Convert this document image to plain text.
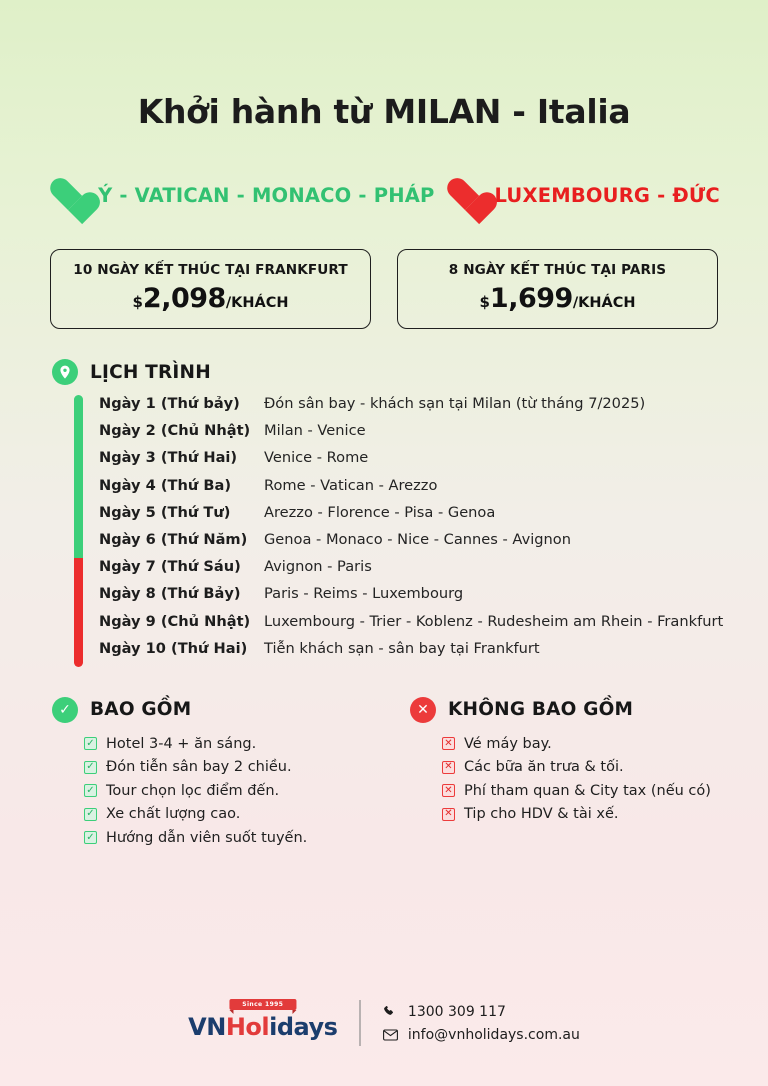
Khởi hành từ MILAN - Italia
Ý - VATICAN - MONACO - PHÁP	LUXEMBOURG - ĐỨC
10 NGÀY KẾT THÚC TẠI FRANKFURT
$ 2,098 /KHÁCH
8 NGÀY KẾT THÚC TẠI PARIS
$ 1,699 /KHÁCH
LỊCH TRÌNH
Ngày 1 (Thứ bảy)	Đón sân bay - khách sạn tại Milan (từ tháng 7/2025)
Ngày 2 (Chủ Nhật) Milan - Venice
Ngày 3 (Thứ Hai)	Venice - Rome
Ngày 4 (Thứ Ba)	Rome - Vatican - Arezzo
Ngày 5 (Thứ Tư)	Arezzo - Florence - Pisa - Genoa
Ngày 6 (Thứ Năm)	Genoa - Monaco - Nice - Cannes - Avignon
Ngày 7 (Thứ Sáu)	Avignon - Paris
Ngày 8 (Thứ Bảy)	Paris - Reims - Luxembourg
Ngày 9 (Chủ Nhật) Luxembourg - Trier - Koblenz - Rudesheim am Rhein - Frankfurt
Ngày 10 (Thứ Hai)	Tiễn khách sạn - sân bay tại Frankfurt
✓	BAO GỒM
✓ Hotel 3-4 + ăn sáng.
✓ Đón tiễn sân bay 2 chiều.
✓ Tour chọn lọc điểm đến.
✓ Xe chất lượng cao.
✓ Hướng dẫn viên suốt tuyến.
✕	KHÔNG BAO GỒM
✕ Vé máy bay.
✕ Các bữa ăn trưa & tối.
✕ Phí tham quan & City tax (nếu có)
✕ Tip cho HDV & tài xế.
Since 1995
VNHolidays
1300 309 117
info@vnholidays.com.au
